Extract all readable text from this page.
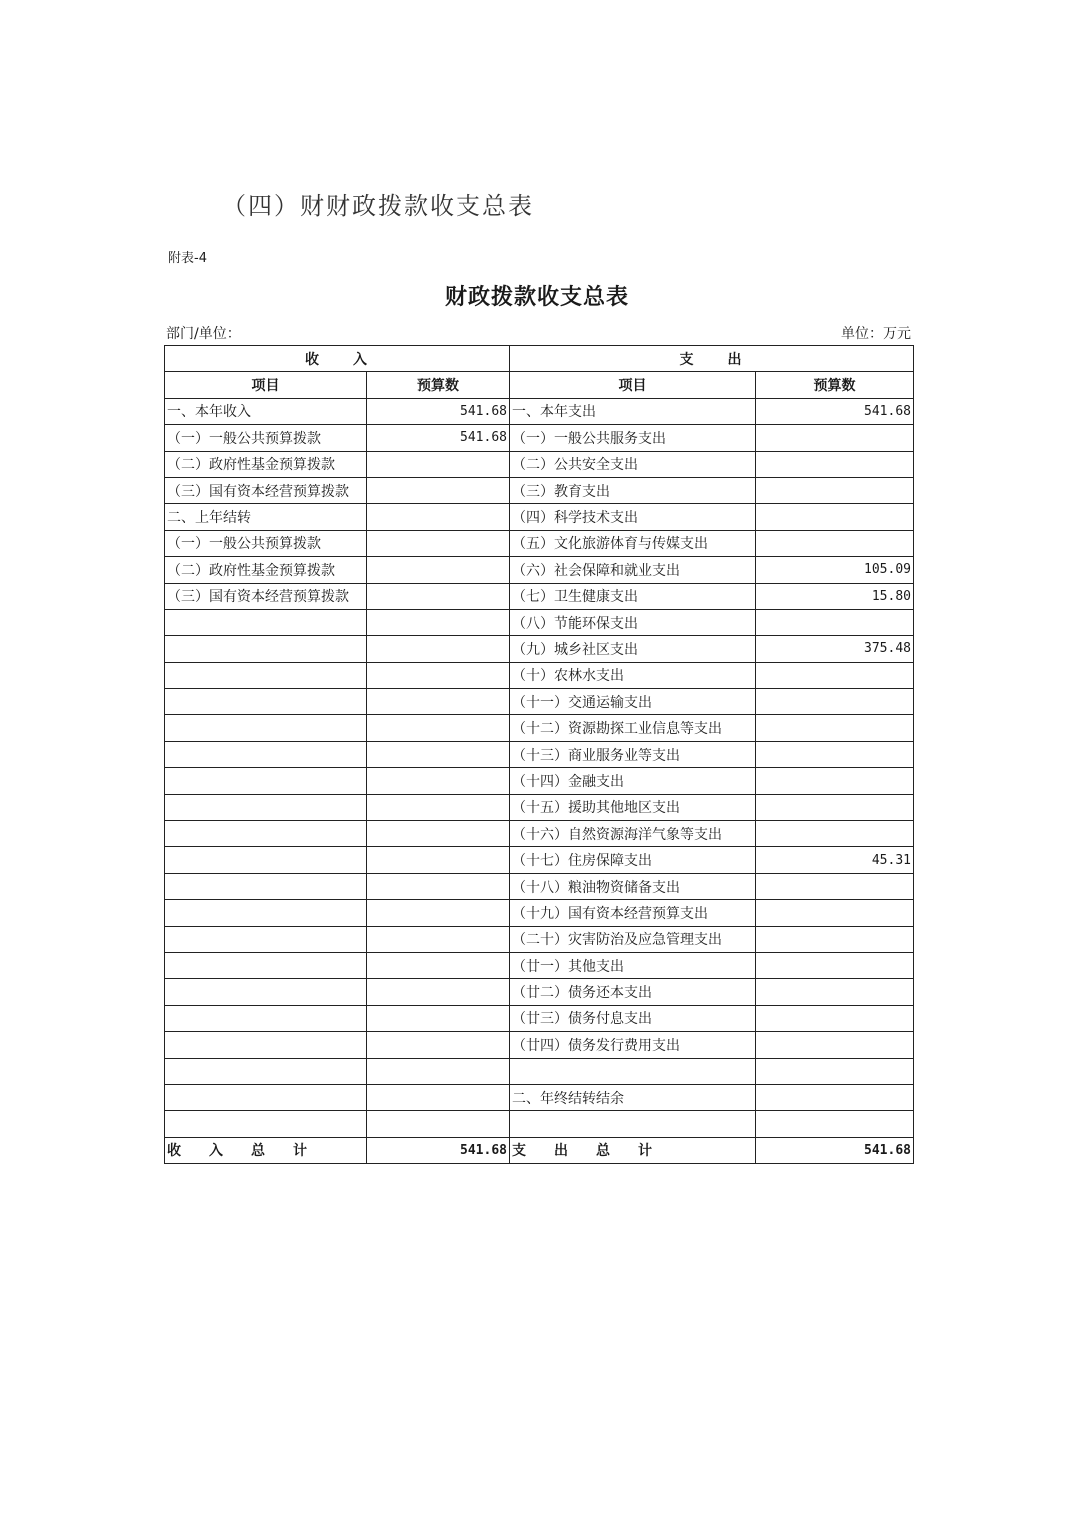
（四）财财政拨款收支总表
附表-4
财政拨款收支总表
部门/单位：	单位：万元
收　　入		支　　出	
项目	预算数	项目	预算数
一、本年收入	541.68	一、本年支出	541.68
（一）一般公共预算拨款	541.68	（一）一般公共服务支出	
（二）政府性基金预算拨款		（二）公共安全支出	
（三）国有资本经营预算拨款		（三）教育支出	
二、上年结转		（四）科学技术支出	
（一）一般公共预算拨款		（五）文化旅游体育与传媒支出	
（二）政府性基金预算拨款		（六）社会保障和就业支出	105.09
（三）国有资本经营预算拨款		（七）卫生健康支出	15.80
		（八）节能环保支出	
		（九）城乡社区支出	375.48
		（十）农林水支出	
		（十一）交通运输支出	
		（十二）资源勘探工业信息等支出	
		（十三）商业服务业等支出	
		（十四）金融支出	
		（十五）援助其他地区支出	
		（十六）自然资源海洋气象等支出	
		（十七）住房保障支出	45.31
		（十八）粮油物资储备支出	
		（十九）国有资本经营预算支出	
		（二十）灾害防治及应急管理支出	
		（廿一）其他支出	
		（廿二）债务还本支出	
		（廿三）债务付息支出	
		（廿四）债务发行费用支出	

		二、年终结转结余	

收　　入　　总　　计	541.68	支　　出　　总　　计	541.68
